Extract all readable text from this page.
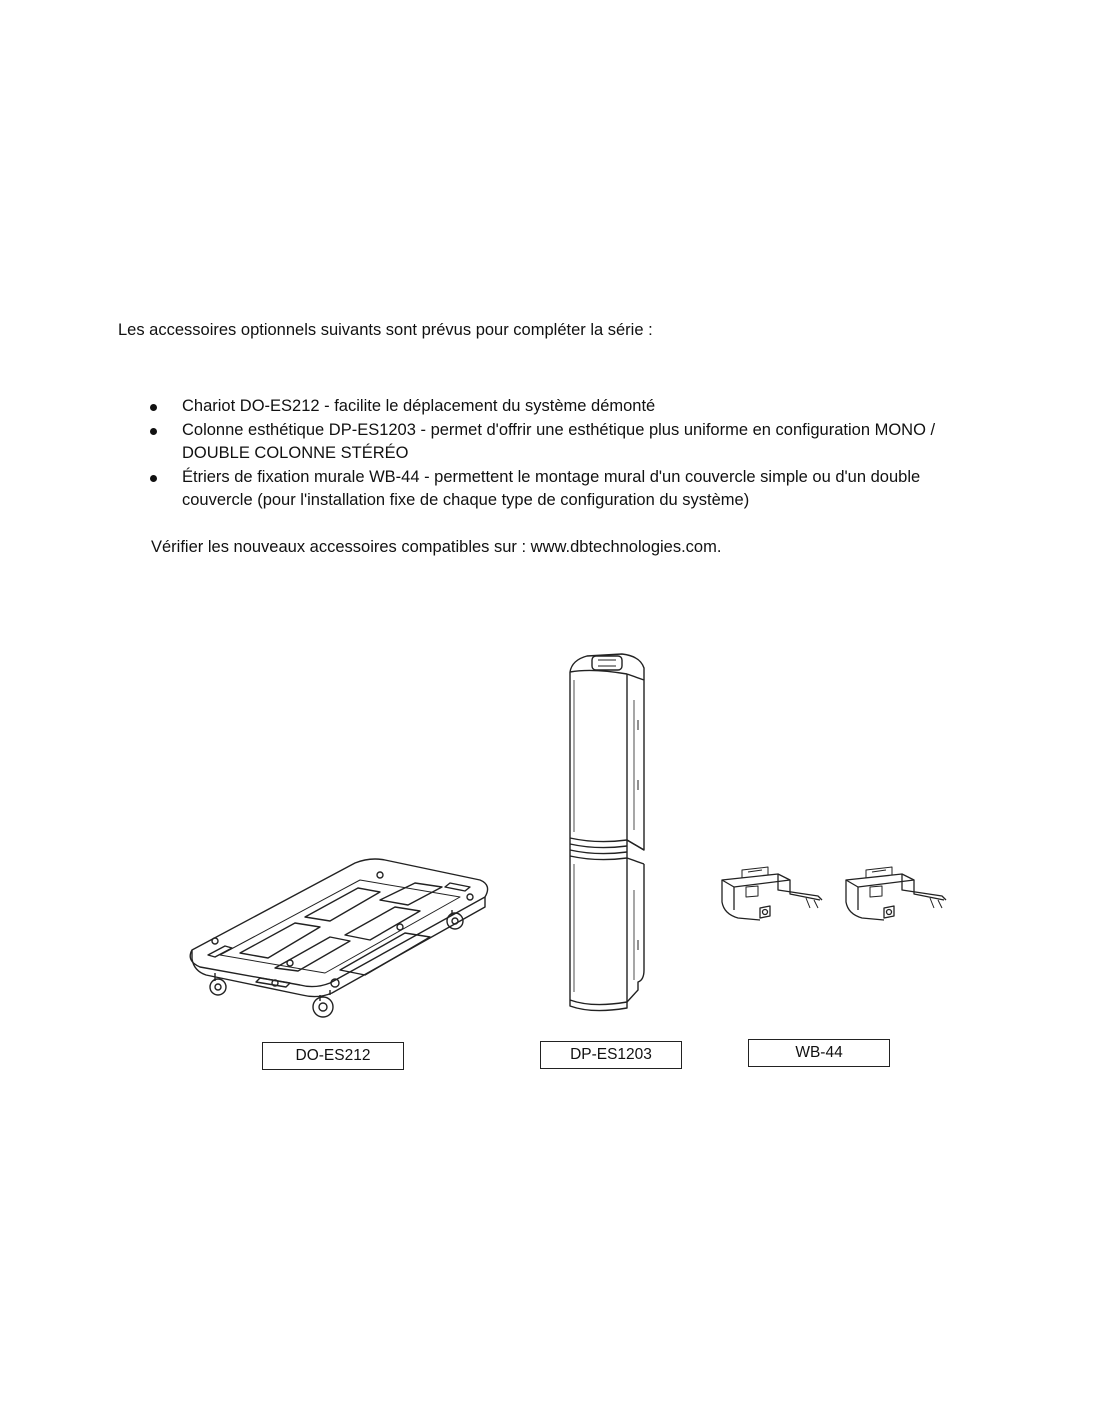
Les accessoires optionnels suivants sont prévus pour compléter la série :
Chariot DO-ES212 - facilite le déplacement du système démonté
Colonne esthétique DP-ES1203 - permet d'offrir une esthétique plus uniforme en configuration MONO / DOUBLE COLONNE STÉRÉO
Étriers de fixation murale WB-44 - permettent le montage mural d'un couvercle simple ou d'un double couvercle (pour l'installation fixe de chaque type de configuration du système)
Vérifier les nouveaux accessoires compatibles sur : www.dbtechnologies.com.
DO-ES212	DP-ES1203	WB-44
